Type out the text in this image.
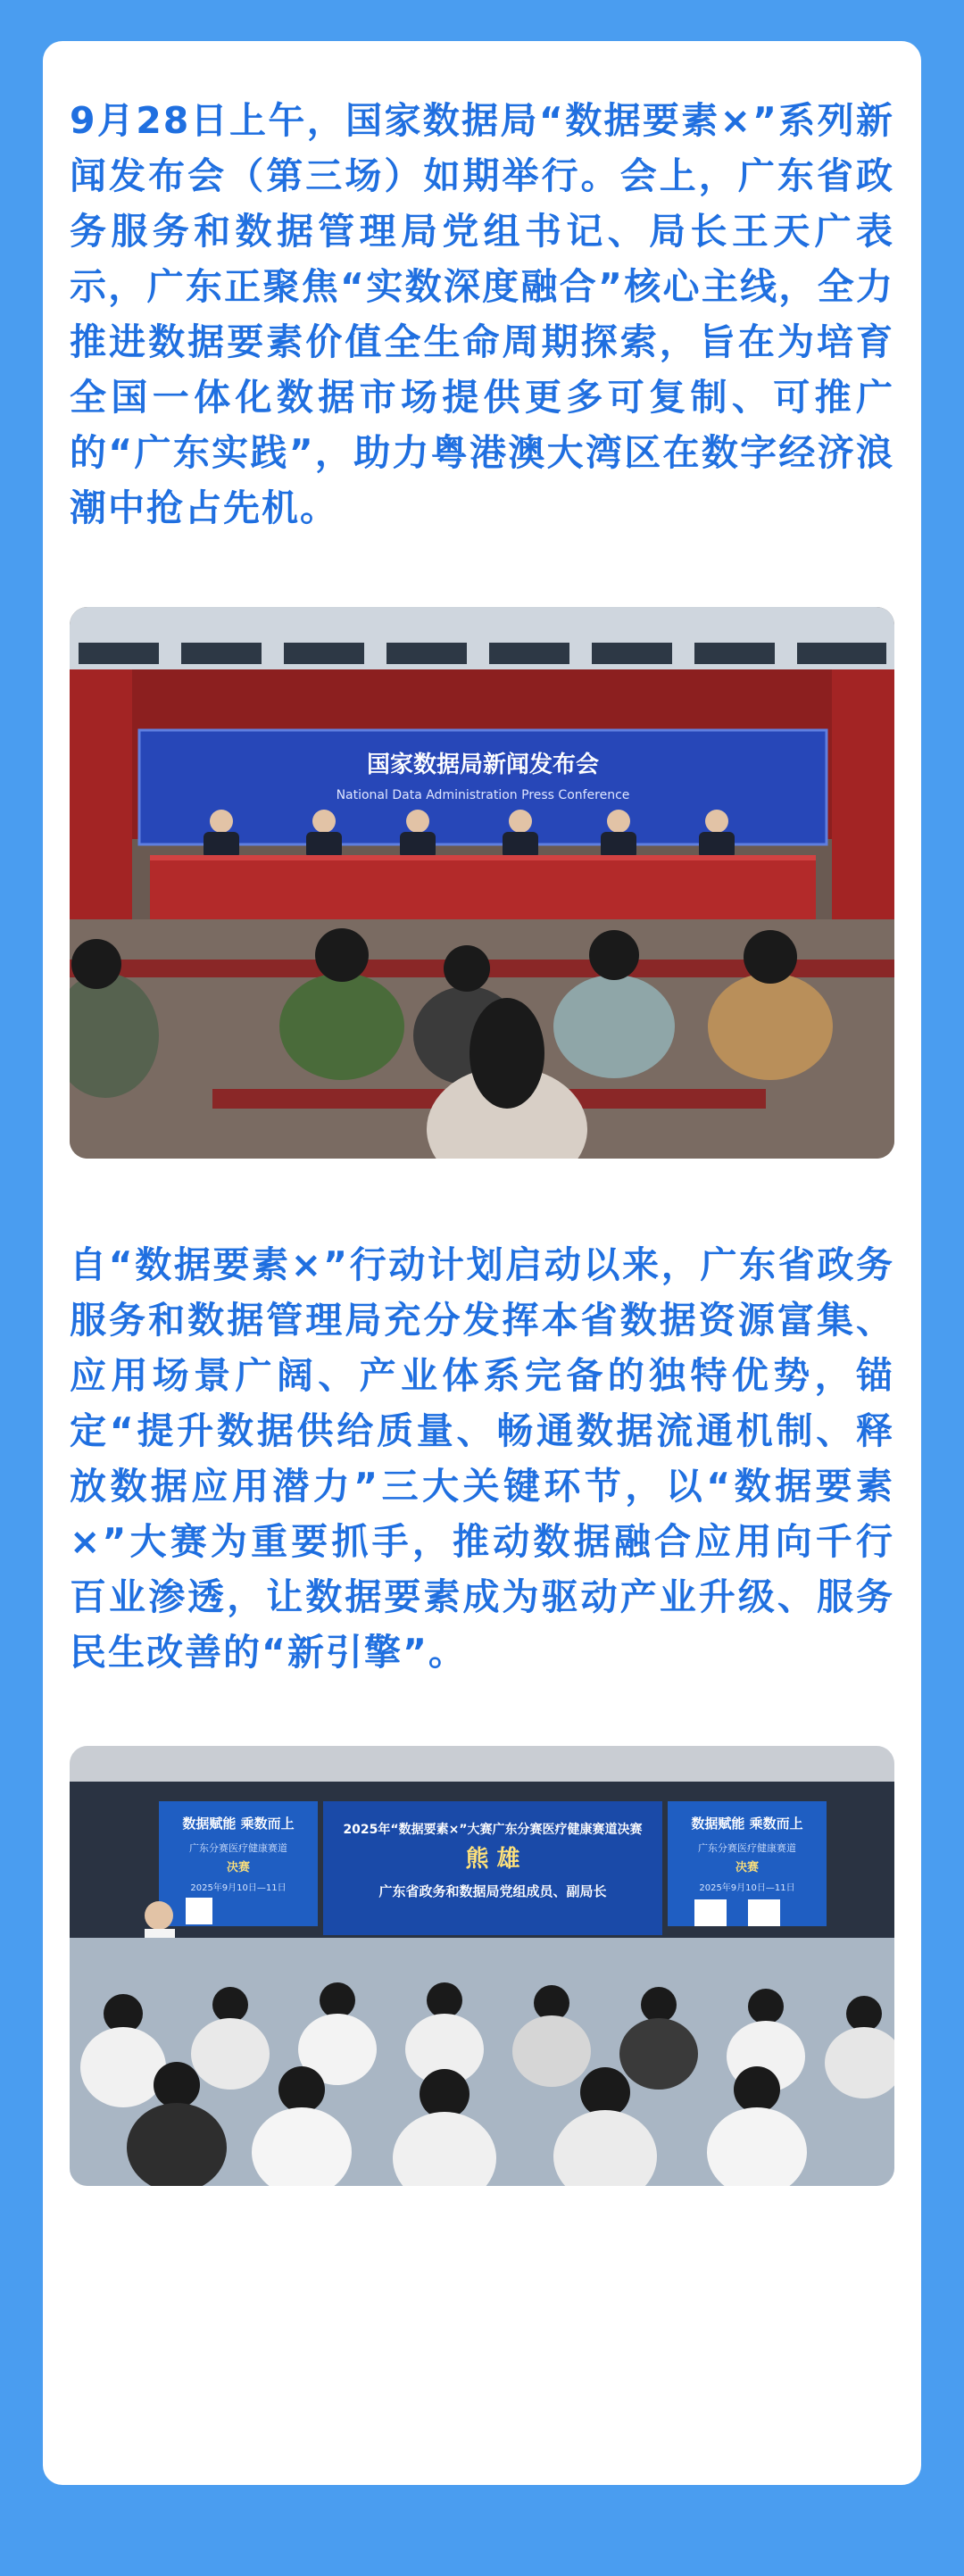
9月28日上午，国家数据局“数据要素×”系列新闻发布会（第三场）如期举行。会上，广东省政务服务和数据管理局党组书记、局长王天广表示，广东正聚焦“实数深度融合”核心主线，全力推进数据要素价值全生命周期探索，旨在为培育全国一体化数据市场提供更多可复制、可推广的“广东实践”，助力粤港澳大湾区在数字经济浪潮中抢占先机。

国家数据局新闻发布会
National Data Administration Press Conference

自“数据要素×”行动计划启动以来，广东省政务服务和数据管理局充分发挥本省数据资源富集、应用场景广阔、产业体系完备的独特优势，锚定“提升数据供给质量、畅通数据流通机制、释放数据应用潜力”三大关键环节，以“数据要素×”大赛为重要抓手，推动数据融合应用向千行百业渗透，让数据要素成为驱动产业升级、服务民生改善的“新引擎”。

2025年“数据要素×”大赛广东分赛医疗健康赛道决赛
熊 雄
广东省政务和数据局党组成员、副局长
数据赋能 乘数而上
广东分赛医疗健康赛道
决赛
2025年9月10日—11日
数据赋能 乘数而上
广东分赛医疗健康赛道
决赛
2025年9月10日—11日
